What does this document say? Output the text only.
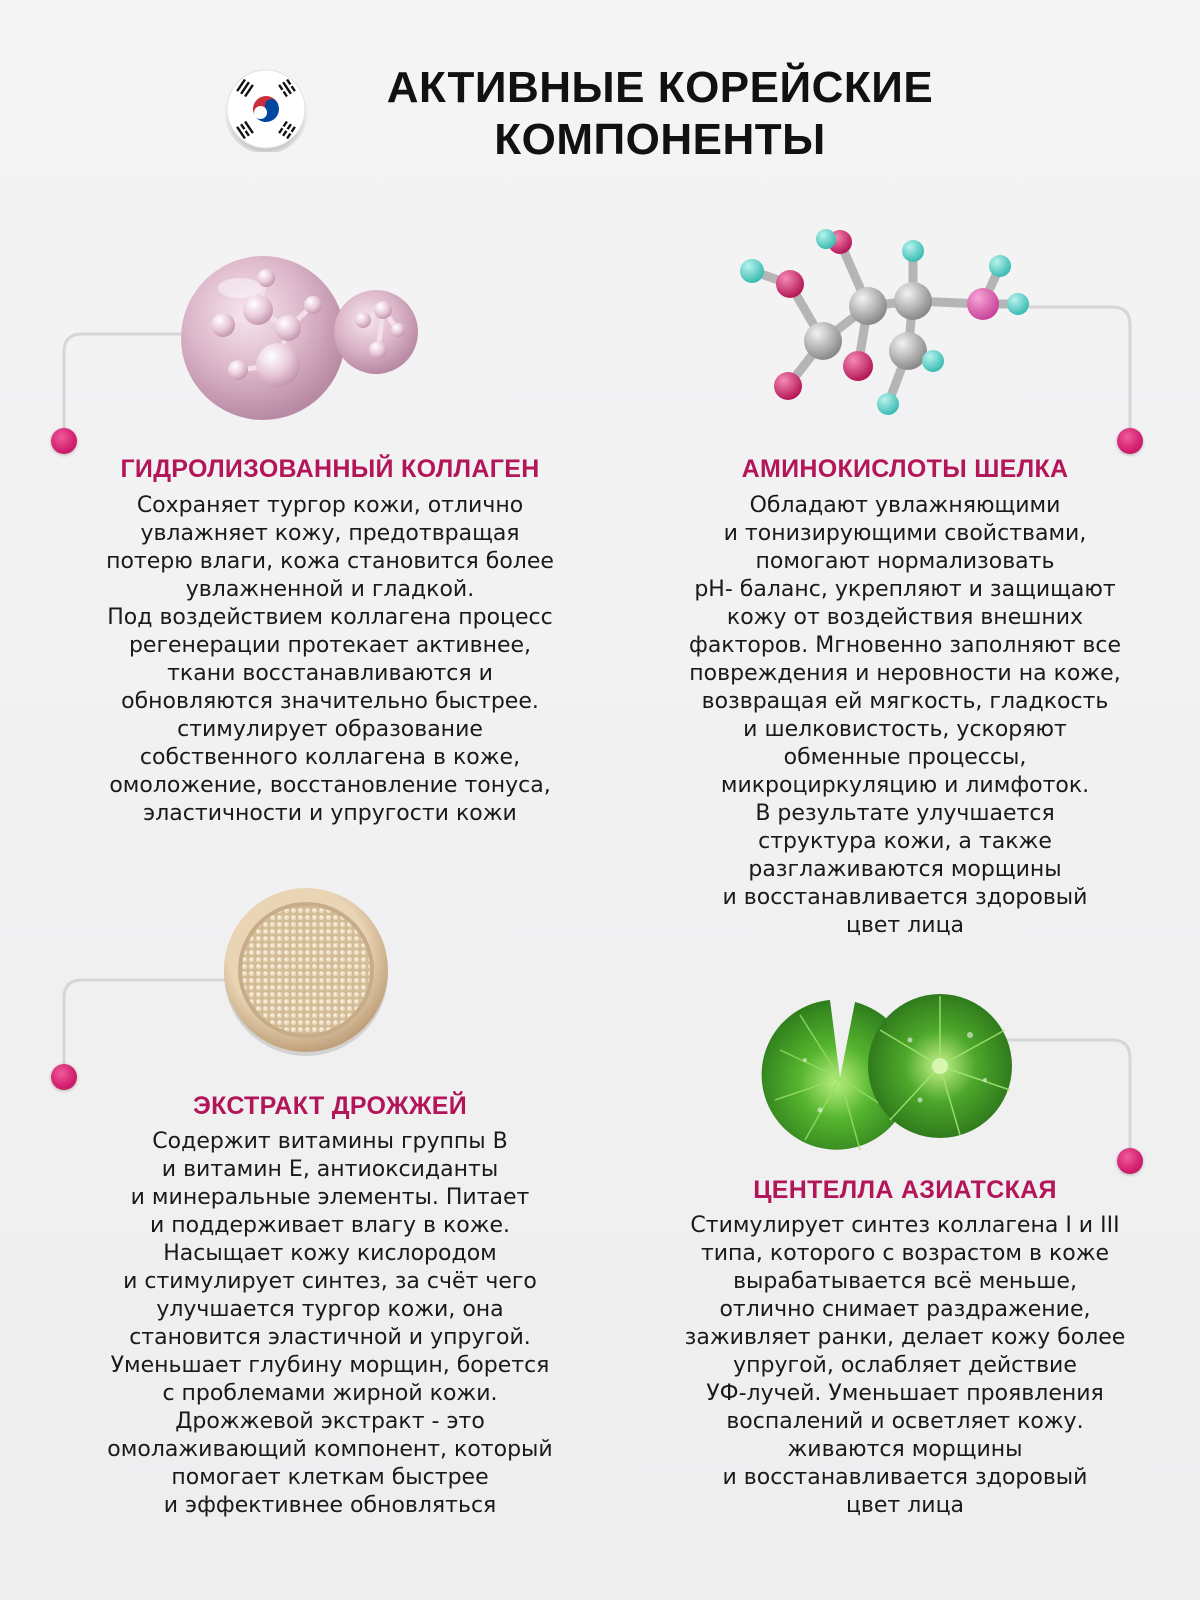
АКТИВНЫЕ КОРЕЙСКИЕ
КОМПОНЕНТЫ
ГИДРОЛИЗОВАННЫЙ КОЛЛАГЕН
Сохраняет тургор кожи, отлично
увлажняет кожу, предотвращая
потерю влаги, кожа становится более
увлажненной и гладкой.
Под воздействием коллагена процесс
регенерации протекает активнее,
ткани восстанавливаются и
обновляются значительно быстрее.
стимулирует образование
собственного коллагена в коже,
омоложение, восстановление тонуса,
эластичности и упругости кожи
АМИНОКИСЛОТЫ ШЕЛКА
Обладают увлажняющими
и тонизирующими свойствами,
помогают нормализовать
pH- баланс, укрепляют и защищают
кожу от воздействия внешних
факторов. Мгновенно заполняют все
повреждения и неровности на коже,
возвращая ей мягкость, гладкость
и шелковистость, ускоряют
обменные процессы,
микроциркуляцию и лимфоток.
В результате улучшается
структура кожи, а также
разглаживаются морщины
и восстанавливается здоровый
цвет лица
ЭКСТРАКТ ДРОЖЖЕЙ
Содержит витамины группы B
и витамин Е, антиоксиданты
и минеральные элементы. Питает
и поддерживает влагу в коже.
Насыщает кожу кислородом
и стимулирует синтез, за счёт чего
улучшается тургор кожи, она
становится эластичной и упругой.
Уменьшает глубину морщин, борется
с проблемами жирной кожи.
Дрожжевой экстракт - это
омолаживающий компонент, который
помогает клеткам быстрее
и эффективнее обновляться
ЦЕНТЕЛЛА АЗИАТСКАЯ
Стимулирует синтез коллагена I и III
типа, которого с возрастом в коже
вырабатывается всё меньше,
отлично снимает раздражение,
заживляет ранки, делает кожу более
упругой, ослабляет действие
УФ-лучей. Уменьшает проявления
воспалений и осветляет кожу.
живаются морщины
и восстанавливается здоровый
цвет лица
